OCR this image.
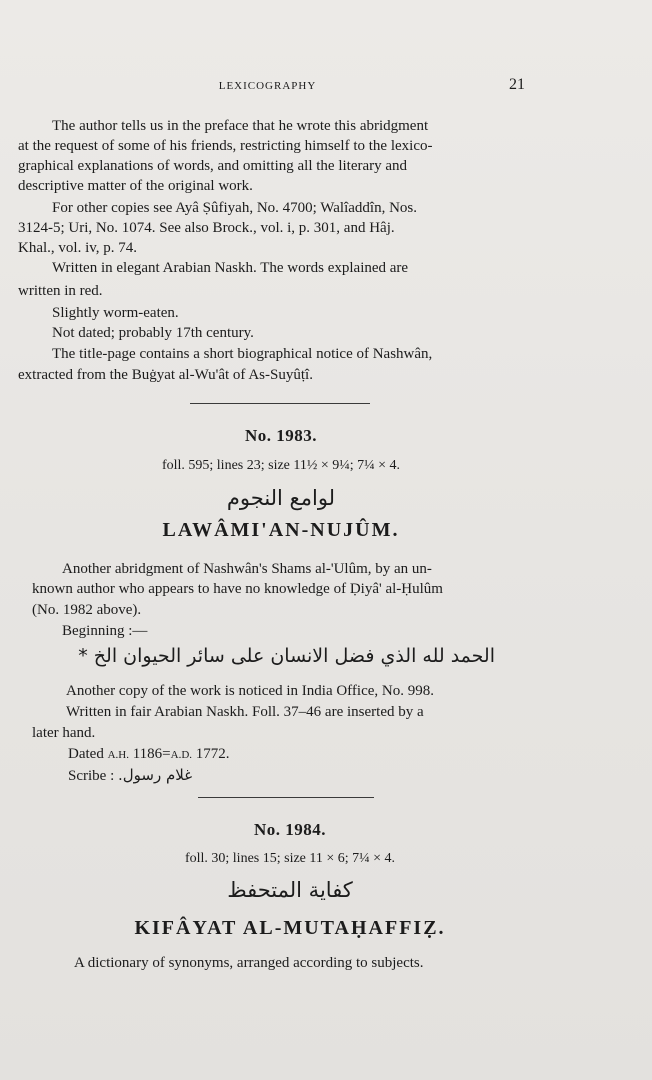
LEXICOGRAPHY	21
The author tells us in the preface that he wrote this abridgment
at the request of some of his friends, restricting himself to the lexico-
graphical explanations of words, and omitting all the literary and
descriptive matter of the original work.
For other copies see Ayâ Ṣûfiyah, No. 4700; Walîaddîn, Nos.
3124-5; Uri, No. 1074. See also Brock., vol. i, p. 301, and Hâj.
Khal., vol. iv, p. 74.
Written in elegant Arabian Naskh. The words explained are
written in red.
Slightly worm-eaten.
Not dated; probably 17th century.
The title-page contains a short biographical notice of Nashwân,
extracted from the Buġyat al-Wu'ât of As-Suyûṭî.
No. 1983.
foll. 595; lines 23; size 11½ × 9¼; 7¼ × 4.
لوامع النجوم
LAWÂMI'AN-NUJÛM.
Another abridgment of Nashwân's Shams al-'Ulûm, by an un-
known author who appears to have no knowledge of Ḍiyâ' al-Ḥulûm
(No. 1982 above).
Beginning :—
الحمد لله الذي فضل الانسان على سائر الحيوان الخ *
Another copy of the work is noticed in India Office, No. 998.
Written in fair Arabian Naskh. Foll. 37–46 are inserted by a
later hand.
Dated A.H. 1186=A.D. 1772.
Scribe : غلام رسول.
No. 1984.
foll. 30; lines 15; size 11 × 6; 7¼ × 4.
كفاية المتحفظ
KIFÂYAT AL-MUTAḤAFFIẒ.
A dictionary of synonyms, arranged according to subjects.
